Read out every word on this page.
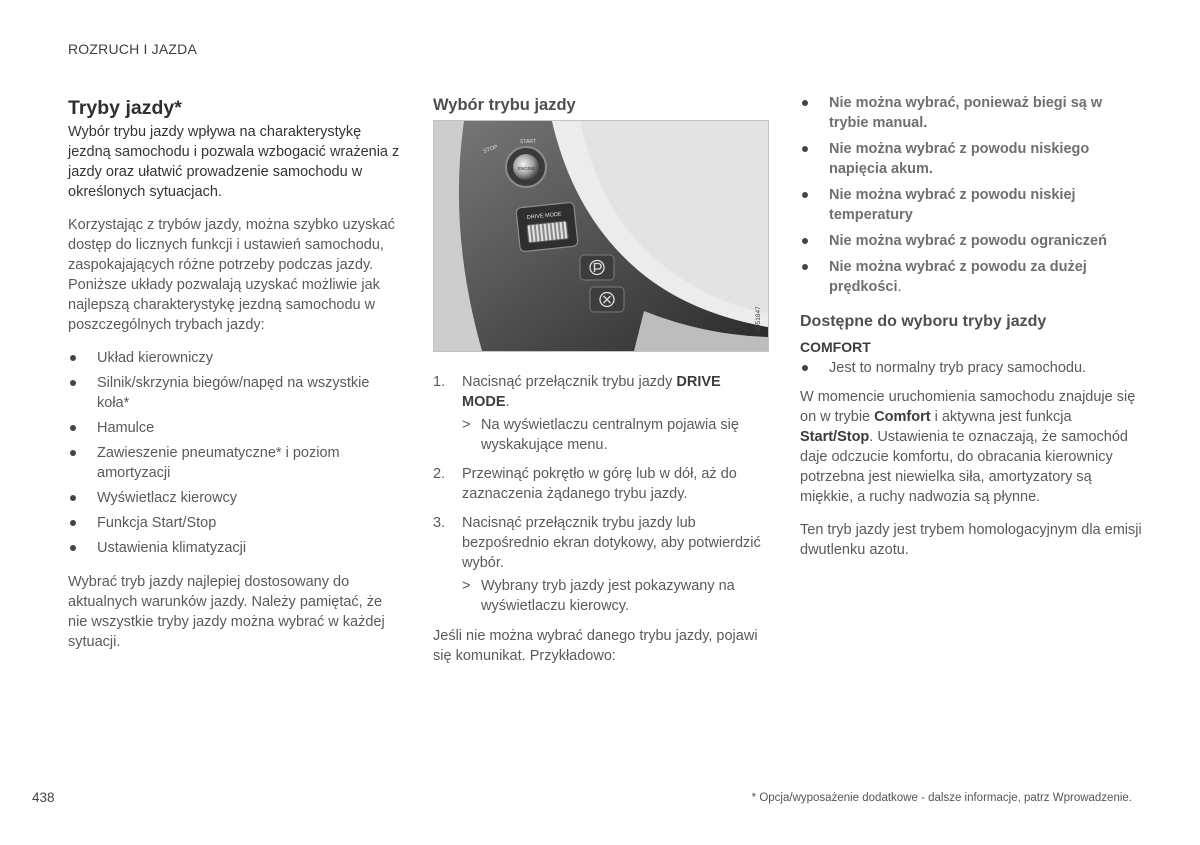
ROZRUCH I JAZDA
Tryby jazdy*

Wybór trybu jazdy wpływa na charakterystykę jezdną samochodu i pozwala wzbogacić wrażenia z jazdy oraz ułatwić prowadzenie samochodu w określonych sytuacjach.

Korzystając z trybów jazdy, można szybko uzyskać dostęp do licznych funkcji i ustawień samochodu, zaspokajających różne potrzeby podczas jazdy. Poniższe układy pozwalają uzyskać możliwie jak najlepszą charakterystykę jezdną samochodu w poszczególnych trybach jazdy:

Układ kierowniczy
Silnik/skrzynia biegów/napęd na wszystkie koła*
Hamulce
Zawieszenie pneumatyczne* i poziom amortyzacji
Wyświetlacz kierowcy
Funkcja Start/Stop
Ustawienia klimatyzacji

Wybrać tryb jazdy najlepiej dostosowany do aktualnych warunków jazdy. Należy pamiętać, że nie wszystkie tryby jazdy można wybrać w każdej sytuacji.

Wybór trybu jazdy
STOP
START
ENGINE
DRIVE MODE
G051847
1.	Nacisnąć przełącznik trybu jazdy DRIVE MODE.
> Na wyświetlaczu centralnym pojawia się wyskakujące menu.
2.	Przewinąć pokrętło w górę lub w dół, aż do zaznaczenia żądanego trybu jazdy.
3.	Nacisnąć przełącznik trybu jazdy lub bezpośrednio ekran dotykowy, aby potwierdzić wybór.
> Wybrany tryb jazdy jest pokazywany na wyświetlaczu kierowcy.

Jeśli nie można wybrać danego trybu jazdy, pojawi się komunikat. Przykładowo:

Nie można wybrać, ponieważ biegi są w trybie manual.
Nie można wybrać z powodu niskiego napięcia akum.
Nie można wybrać z powodu niskiej temperatury
Nie można wybrać z powodu ograniczeń
Nie można wybrać z powodu za dużej prędkości.
Dostępne do wyboru tryby jazdy
COMFORT
Jest to normalny tryb pracy samochodu.

W momencie uruchomienia samochodu znajduje się on w trybie Comfort i aktywna jest funkcja Start/Stop. Ustawienia te oznaczają, że samochód daje odczucie komfortu, do obracania kierownicy potrzebna jest niewielka siła, amortyzatory są miękkie, a ruchy nadwozia są płynne.

Ten tryb jazdy jest trybem homologacyjnym dla emisji dwutlenku azotu.

438	* Opcja/wyposażenie dodatkowe - dalsze informacje, patrz Wprowadzenie.
